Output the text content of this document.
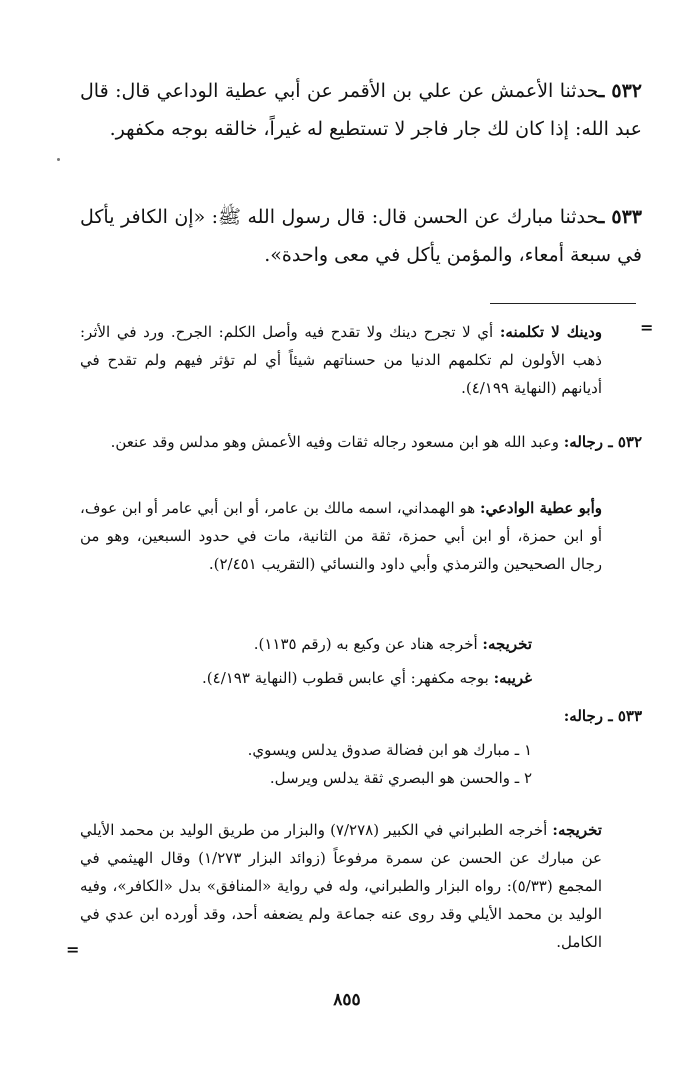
٥٣٢ ـحدثنا الأعمش عن علي بن الأقمر عن أبي عطية الوداعي قال: قال عبد الله: إذا كان لك جار فاجر لا تستطيع له غيراً، خالقه بوجه مكفهر.

٥٣٣ ـحدثنا مبارك عن الحسن قال: قال رسول الله ﷺ: «إن الكافر يأكل في سبعة أمعاء، والمؤمن يأكل في معى واحدة».

=
=

ودينك لا تكلمنه: أي لا تجرح دينك ولا تقدح فيه وأصل الكلم: الجرح. ورد في الأثر: ذهب الأولون لم تكلمهم الدنيا من حسناتهم شيئاً أي لم تؤثر فيهم ولم تقدح في أديانهم (النهاية ٤/١٩٩).

٥٣٢ ـ رجاله: وعبد الله هو ابن مسعود رجاله ثقات وفيه الأعمش وهو مدلس وقد عنعن.

وأبو عطية الوادعي: هو الهمداني، اسمه مالك بن عامر، أو ابن أبي عامر أو ابن عوف، أو ابن حمزة، أو ابن أبي حمزة، ثقة من الثانية، مات في حدود السبعين، وهو من رجال الصحيحين والترمذي وأبي داود والنسائي (التقريب ٢/٤٥١).

تخريجه: أخرجه هناد عن وكيع به (رقم ١١٣٥).

غريبه: بوجه مكفهر: أي عابس قطوب (النهاية ٤/١٩٣).

٥٣٣ ـ رجاله:

١ ـ مبارك هو ابن فضالة صدوق يدلس ويسوي.

٢ ـ والحسن هو البصري ثقة يدلس ويرسل.

تخريجه: أخرجه الطبراني في الكبير (٧/٢٧٨) والبزار من طريق الوليد بن محمد الأيلي عن مبارك عن الحسن عن سمرة مرفوعاً (زوائد البزار ١/٢٧٣) وقال الهيثمي في المجمع (٥/٣٣): رواه البزار والطبراني، وله في رواية «المنافق» بدل «الكافر»، وفيه الوليد بن محمد الأيلي وقد روى عنه جماعة ولم يضعفه أحد، وقد أورده ابن عدي في الكامل.

٨٥٥
